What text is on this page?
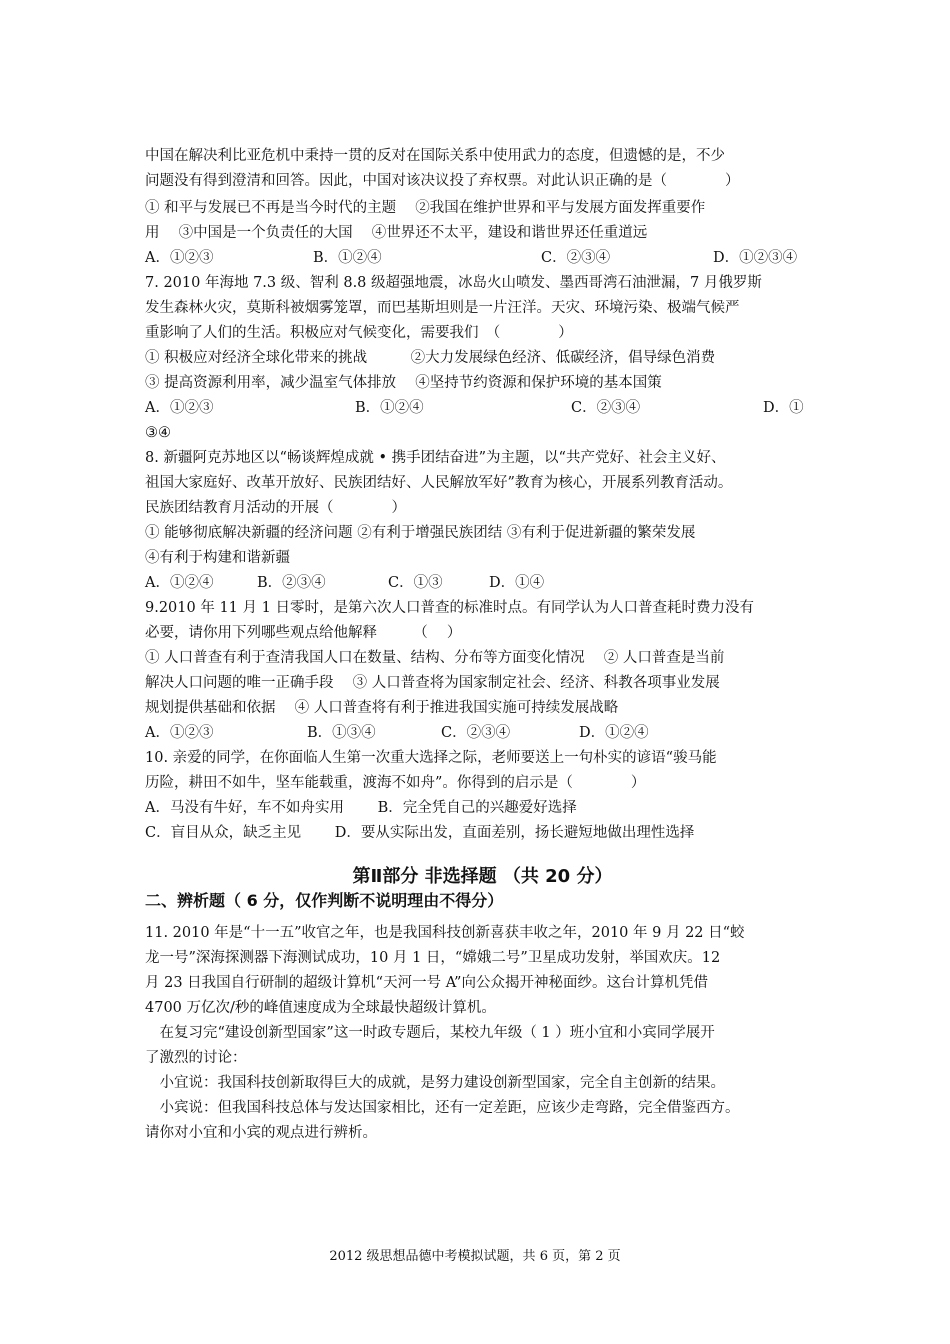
中国在解决利比亚危机中秉持一贯的反对在国际关系中使用武力的态度，但遗憾的是，不少
问题没有得到澄清和回答。因此，中国对该决议投了弃权票。对此认识正确的是（　　　　）
① 和平与发展已不再是当今时代的主题　 ②我国在维护世界和平与发展方面发挥重要作
用　 ③中国是一个负责任的大国　 ④世界还不太平，建设和谐世界还任重道远
A．①②③	B．①②④	C．②③④	D．①②③④
7. 2010 年海地 7.3 级、智利 8.8 级超强地震，冰岛火山喷发、墨西哥湾石油泄漏，7 月俄罗斯
发生森林火灾，莫斯科被烟雾笼罩，而巴基斯坦则是一片汪洋。天灾、环境污染、极端气候严
重影响了人们的生活。积极应对气候变化，需要我们　（　　　　）
① 积极应对经济全球化带来的挑战　　　②大力发展绿色经济、低碳经济，倡导绿色消费
③ 提高资源利用率，减少温室气体排放　 ④坚持节约资源和保护环境的基本国策
A．①②③	B．①②④	C．②③④	D．①
③④
8. 新疆阿克苏地区以“畅谈辉煌成就 • 携手团结奋进”为主题，以“共产党好、社会主义好、
祖国大家庭好、改革开放好、民族团结好、人民解放军好”教育为核心，开展系列教育活动。
民族团结教育月活动的开展（　　　　）
① 能够彻底解决新疆的经济问题 ②有利于增强民族团结 ③有利于促进新疆的繁荣发展
④有利于构建和谐新疆
A．①②④	B．②③④	C．①③	D．①④
9.2010 年 11 月 1 日零时，是第六次人口普查的标准时点。有同学认为人口普查耗时费力没有
必要，请你用下列哪些观点给他解释　　　（　 ）
① 人口普查有利于查清我国人口在数量、结构、分布等方面变化情况　 ② 人口普查是当前
解决人口问题的唯一正确手段　 ③ 人口普查将为国家制定社会、经济、科教各项事业发展
规划提供基础和依据　 ④ 人口普查将有利于推进我国实施可持续发展战略
A．①②③	B．①③④	C．②③④	D．①②④
10. 亲爱的同学，在你面临人生第一次重大选择之际，老师要送上一句朴实的谚语“骏马能
历险，耕田不如牛，坚车能载重，渡海不如舟”。你得到的启示是（　　　　）
A．马没有牛好，车不如舟实用　　 B．完全凭自己的兴趣爱好选择
C．盲目从众，缺乏主见　　 D．要从实际出发，直面差别，扬长避短地做出理性选择
第Ⅱ部分 非选择题 （共 20 分）
二、辨析题（ 6 分，仅作判断不说明理由不得分）
11. 2010 年是“十一五”收官之年，也是我国科技创新喜获丰收之年，2010 年 9 月 22 日“蛟
龙一号”深海探测器下海测试成功，10 月 1 日，“嫦娥二号”卫星成功发射，举国欢庆。12
月 23 日我国自行研制的超级计算机“天河一号 A”向公众揭开神秘面纱。这台计算机凭借
4700 万亿次/秒的峰值速度成为全球最快超级计算机。
　在复习完“建设创新型国家”这一时政专题后，某校九年级（ 1 ）班小宜和小宾同学展开
了激烈的讨论：
　小宜说：我国科技创新取得巨大的成就，是努力建设创新型国家，完全自主创新的结果。
　小宾说：但我国科技总体与发达国家相比，还有一定差距，应该少走弯路，完全借鉴西方。
请你对小宜和小宾的观点进行辨析。
2012 级思想品德中考模拟试题，共 6 页，第 2 页
